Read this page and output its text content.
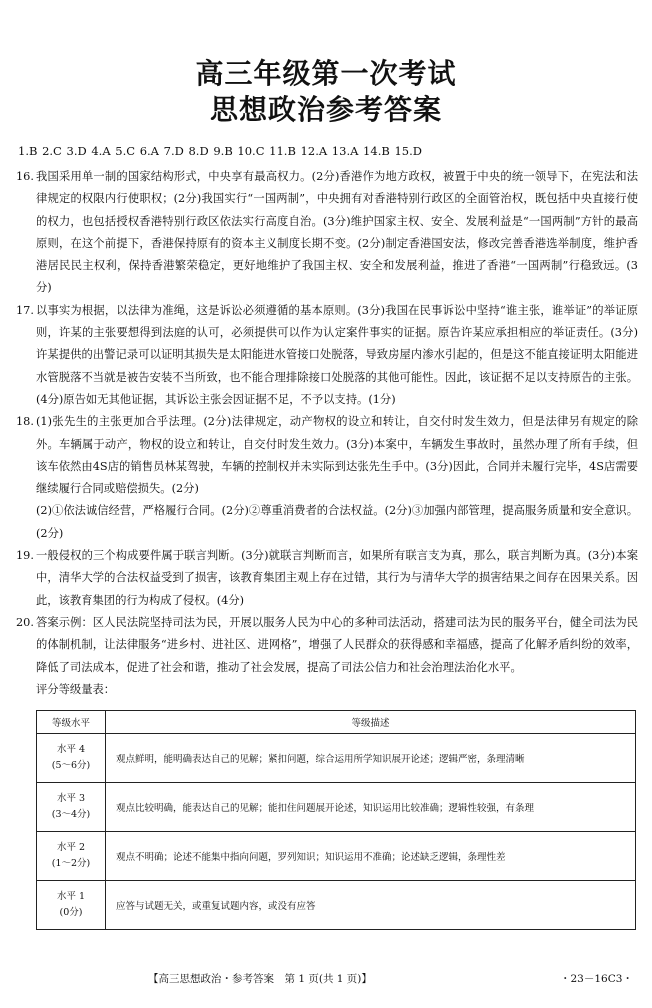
高三年级第一次考试
思想政治参考答案
1.B 2.C 3.D 4.A 5.C 6.A 7.D 8.D 9.B 10.C 11.B 12.A 13.A 14.B 15.D
16. 我国采用单一制的国家结构形式，中央享有最高权力。(2分)香港作为地方政权，被置于中央的统一领导下，在宪法和法律规定的权限内行使职权；(2分)我国实行“一国两制”，中央拥有对香港特别行政区的全面管治权，既包括中央直接行使的权力，也包括授权香港特别行政区依法实行高度自治。(3分)维护国家主权、安全、发展利益是“一国两制”方针的最高原则，在这个前提下，香港保持原有的资本主义制度长期不变。(2分)制定香港国安法，修改完善香港选举制度，维护香港居民民主权利，保持香港繁荣稳定，更好地维护了我国主权、安全和发展利益，推进了香港“一国两制”行稳致远。(3分)

17. 以事实为根据，以法律为准绳，这是诉讼必须遵循的基本原则。(3分)我国在民事诉讼中坚持“谁主张，谁举证”的举证原则，许某的主张要想得到法庭的认可，必须提供可以作为认定案件事实的证据。原告许某应承担相应的举证责任。(3分)许某提供的出警记录可以证明其损失是太阳能进水管接口处脱落，导致房屋内渗水引起的，但是这不能直接证明太阳能进水管脱落不当就是被告安装不当所致，也不能合理排除接口处脱落的其他可能性。因此，该证据不足以支持原告的主张。(4分)原告如无其他证据，其诉讼主张会因证据不足，不予以支持。(1分)

18. (1)张先生的主张更加合乎法理。(2分)法律规定，动产物权的设立和转让，自交付时发生效力，但是法律另有规定的除外。车辆属于动产，物权的设立和转让，自交付时发生效力。(3分)本案中，车辆发生事故时，虽然办理了所有手续，但该车依然由4S店的销售员林某驾驶，车辆的控制权并未实际到达张先生手中。(3分)因此，合同并未履行完毕，4S店需要继续履行合同或赔偿损失。(2分)

(2)①依法诚信经营，严格履行合同。(2分)②尊重消费者的合法权益。(2分)③加强内部管理，提高服务质量和安全意识。(2分)

19. 一般侵权的三个构成要件属于联言判断。(3分)就联言判断而言，如果所有联言支为真，那么，联言判断为真。(3分)本案中，清华大学的合法权益受到了损害，该教育集团主观上存在过错，其行为与清华大学的损害结果之间存在因果关系。因此，该教育集团的行为构成了侵权。(4分)

20. 答案示例：区人民法院坚持司法为民，开展以服务人民为中心的多种司法活动，搭建司法为民的服务平台，健全司法为民的体制机制，让法律服务“进乡村、进社区、进网格”，增强了人民群众的获得感和幸福感，提高了化解矛盾纠纷的效率，降低了司法成本，促进了社会和谐，推动了社会发展，提高了司法公信力和社会治理法治化水平。

评分等级量表：

等级水平	等级描述

水平 4
(5～6分)	观点鲜明，能明确表达自己的见解；紧扣问题，综合运用所学知识展开论述；逻辑严密，条理清晰

水平 3
(3～4分)	观点比较明确，能表达自己的见解；能扣住问题展开论述，知识运用比较准确；逻辑性较强，有条理

水平 2
(1～2分)	观点不明确；论述不能集中指向问题，罗列知识；知识运用不准确；论述缺乏逻辑，条理性差

水平 1
(0分)	应答与试题无关，或重复试题内容，或没有应答
【高三思想政治・参考答案　第 1 页(共 1 页)】	・23－16C3・
